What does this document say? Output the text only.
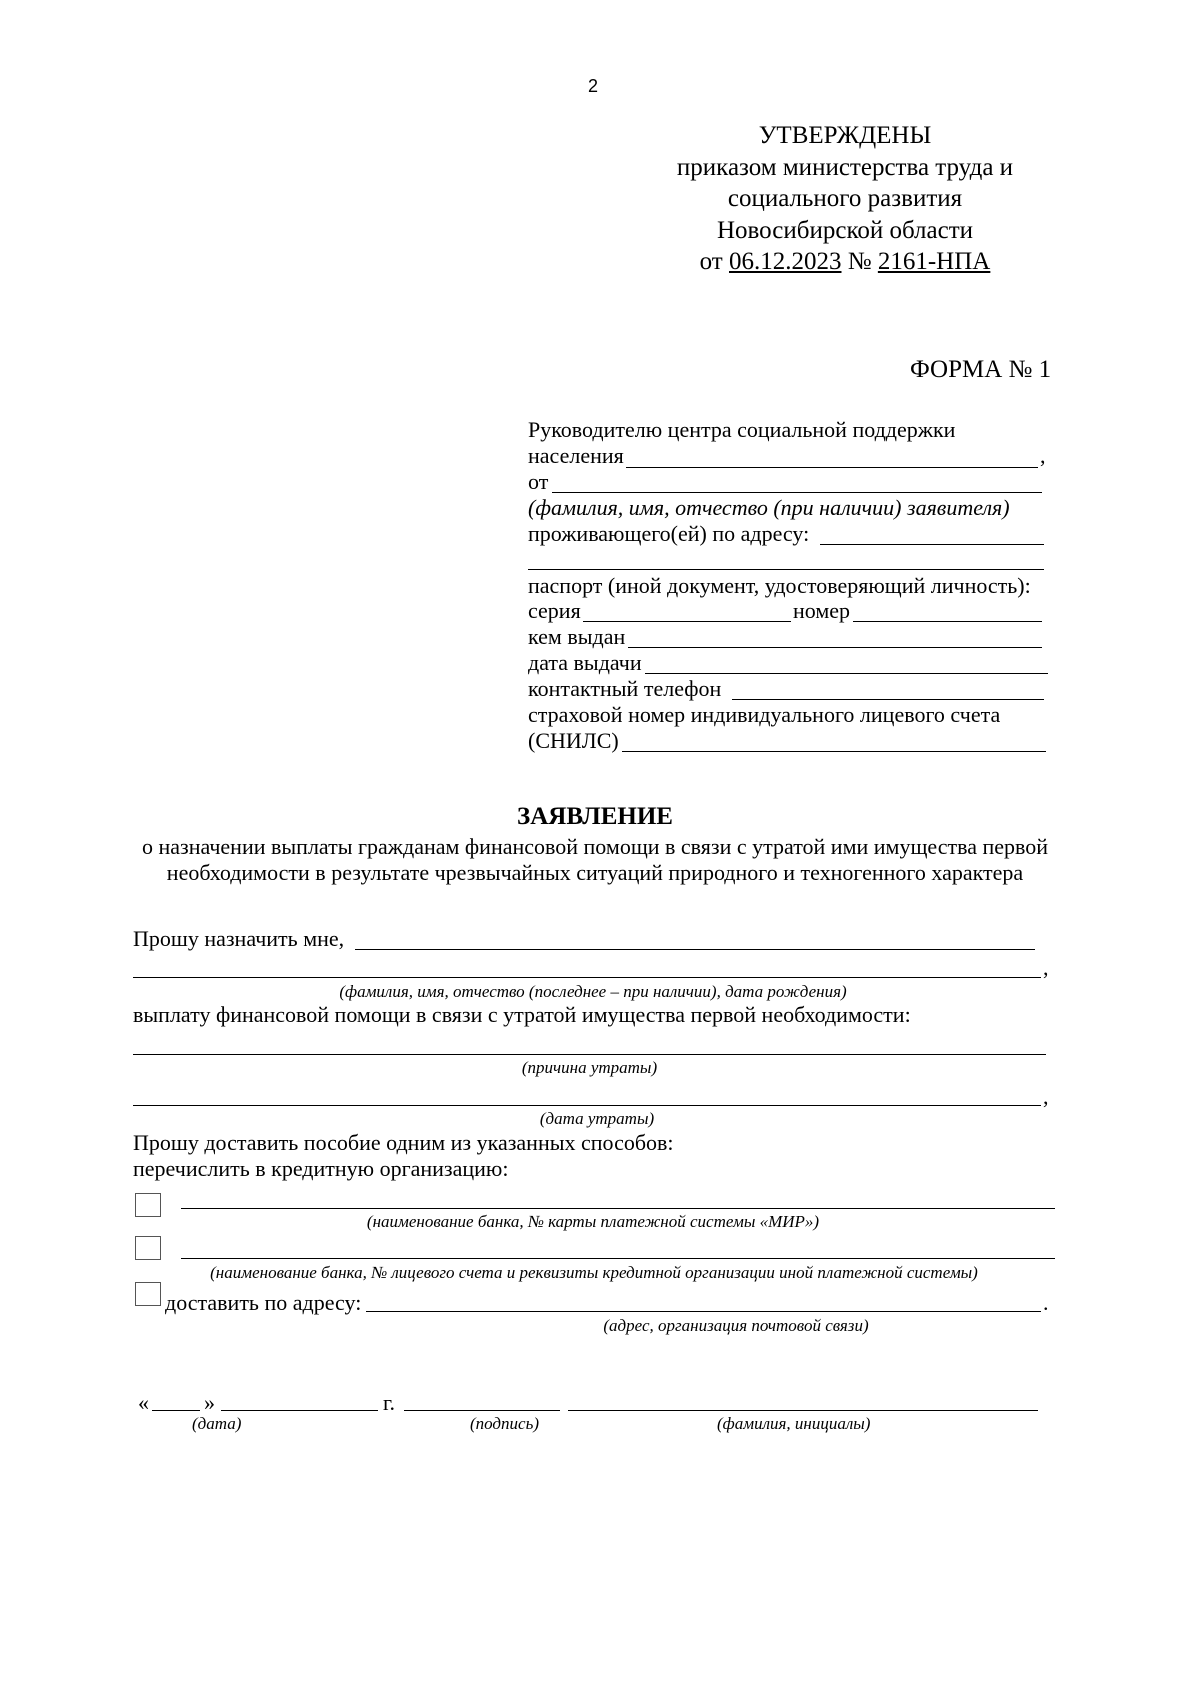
2
УТВЕРЖДЕНЫ
приказом министерства труда и
социального развития
Новосибирской области
от 06.12.2023 № 2161-НПА
ФОРМА № 1
Руководителю центра социальной поддержки
населения	,
от
(фамилия, имя, отчество (при наличии) заявителя)
проживающего(ей) по адресу:
паспорт (иной документ, удостоверяющий личность):
серия	номер
кем выдан
дата выдачи
контактный телефон
страховой номер индивидуального лицевого счета
(СНИЛС)
ЗАЯВЛЕНИЕ
о назначении выплаты гражданам финансовой помощи в связи с утратой ими имущества первой
необходимости в результате чрезвычайных ситуаций природного и техногенного характера
Прошу назначить мне,
,
(фамилия, имя, отчество (последнее – при наличии), дата рождения)
выплату финансовой помощи в связи с утратой имущества первой необходимости:
(причина утраты)
,
(дата утраты)
Прошу доставить пособие одним из указанных способов:
перечислить в кредитную организацию:
(наименование банка, № карты платежной системы «МИР»)
(наименование банка, № лицевого счета и реквизиты кредитной организации иной платежной системы)
доставить по адресу:	.
(адрес, организация почтовой связи)
«	»	г.
(дата)	(подпись)	(фамилия, инициалы)
